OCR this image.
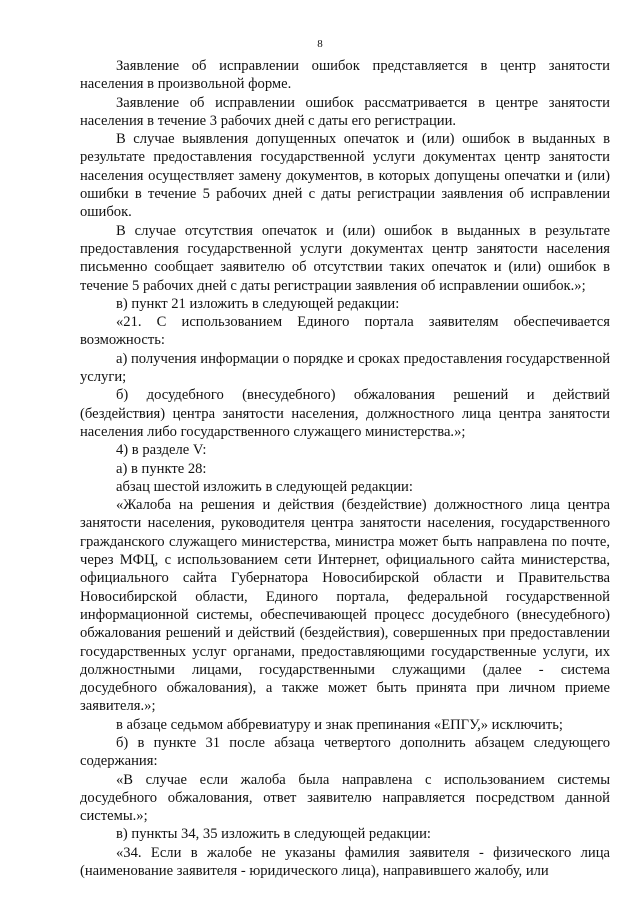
8

Заявление об исправлении ошибок представляется в центр занятости населения в произвольной форме.

Заявление об исправлении ошибок рассматривается в центре занятости населения в течение 3 рабочих дней с даты его регистрации.

В случае выявления допущенных опечаток и (или) ошибок в выданных в результате предоставления государственной услуги документах центр занятости населения осуществляет замену документов, в которых допущены опечатки и (или) ошибки в течение 5 рабочих дней с даты регистрации заявления об исправлении ошибок.

В случае отсутствия опечаток и (или) ошибок в выданных в результате предоставления государственной услуги документах центр занятости населения письменно сообщает заявителю об отсутствии таких опечаток и (или) ошибок в течение 5 рабочих дней с даты регистрации заявления об исправлении ошибок.»;

в) пункт 21 изложить в следующей редакции:

«21. С использованием Единого портала заявителям обеспечивается возможность:

а) получения информации о порядке и сроках предоставления государственной услуги;

б) досудебного (внесудебного) обжалования решений и действий (бездействия) центра занятости населения, должностного лица центра занятости населения либо государственного служащего министерства.»;

4) в разделе V:

а) в пункте 28:

абзац шестой изложить в следующей редакции:

«Жалоба на решения и действия (бездействие) должностного лица центра занятости населения, руководителя центра занятости населения, государственного гражданского служащего министерства, министра может быть направлена по почте, через МФЦ, с использованием сети Интернет, официального сайта министерства, официального сайта Губернатора Новосибирской области и Правительства Новосибирской области, Единого портала, федеральной государственной информационной системы, обеспечивающей процесс досудебного (внесудебного) обжалования решений и действий (бездействия), совершенных при предоставлении государственных услуг органами, предоставляющими государственные услуги, их должностными лицами, государственными служащими (далее - система досудебного обжалования), а также может быть принята при личном приеме заявителя.»;

в абзаце седьмом аббревиатуру и знак препинания «ЕПГУ,» исключить;

б) в пункте 31 после абзаца четвертого дополнить абзацем следующего содержания:

«В случае если жалоба была направлена с использованием системы досудебного обжалования, ответ заявителю направляется посредством данной системы.»;

в) пункты 34, 35 изложить в следующей редакции:

«34. Если в жалобе не указаны фамилия заявителя - физического лица (наименование заявителя - юридического лица), направившего жалобу, или
